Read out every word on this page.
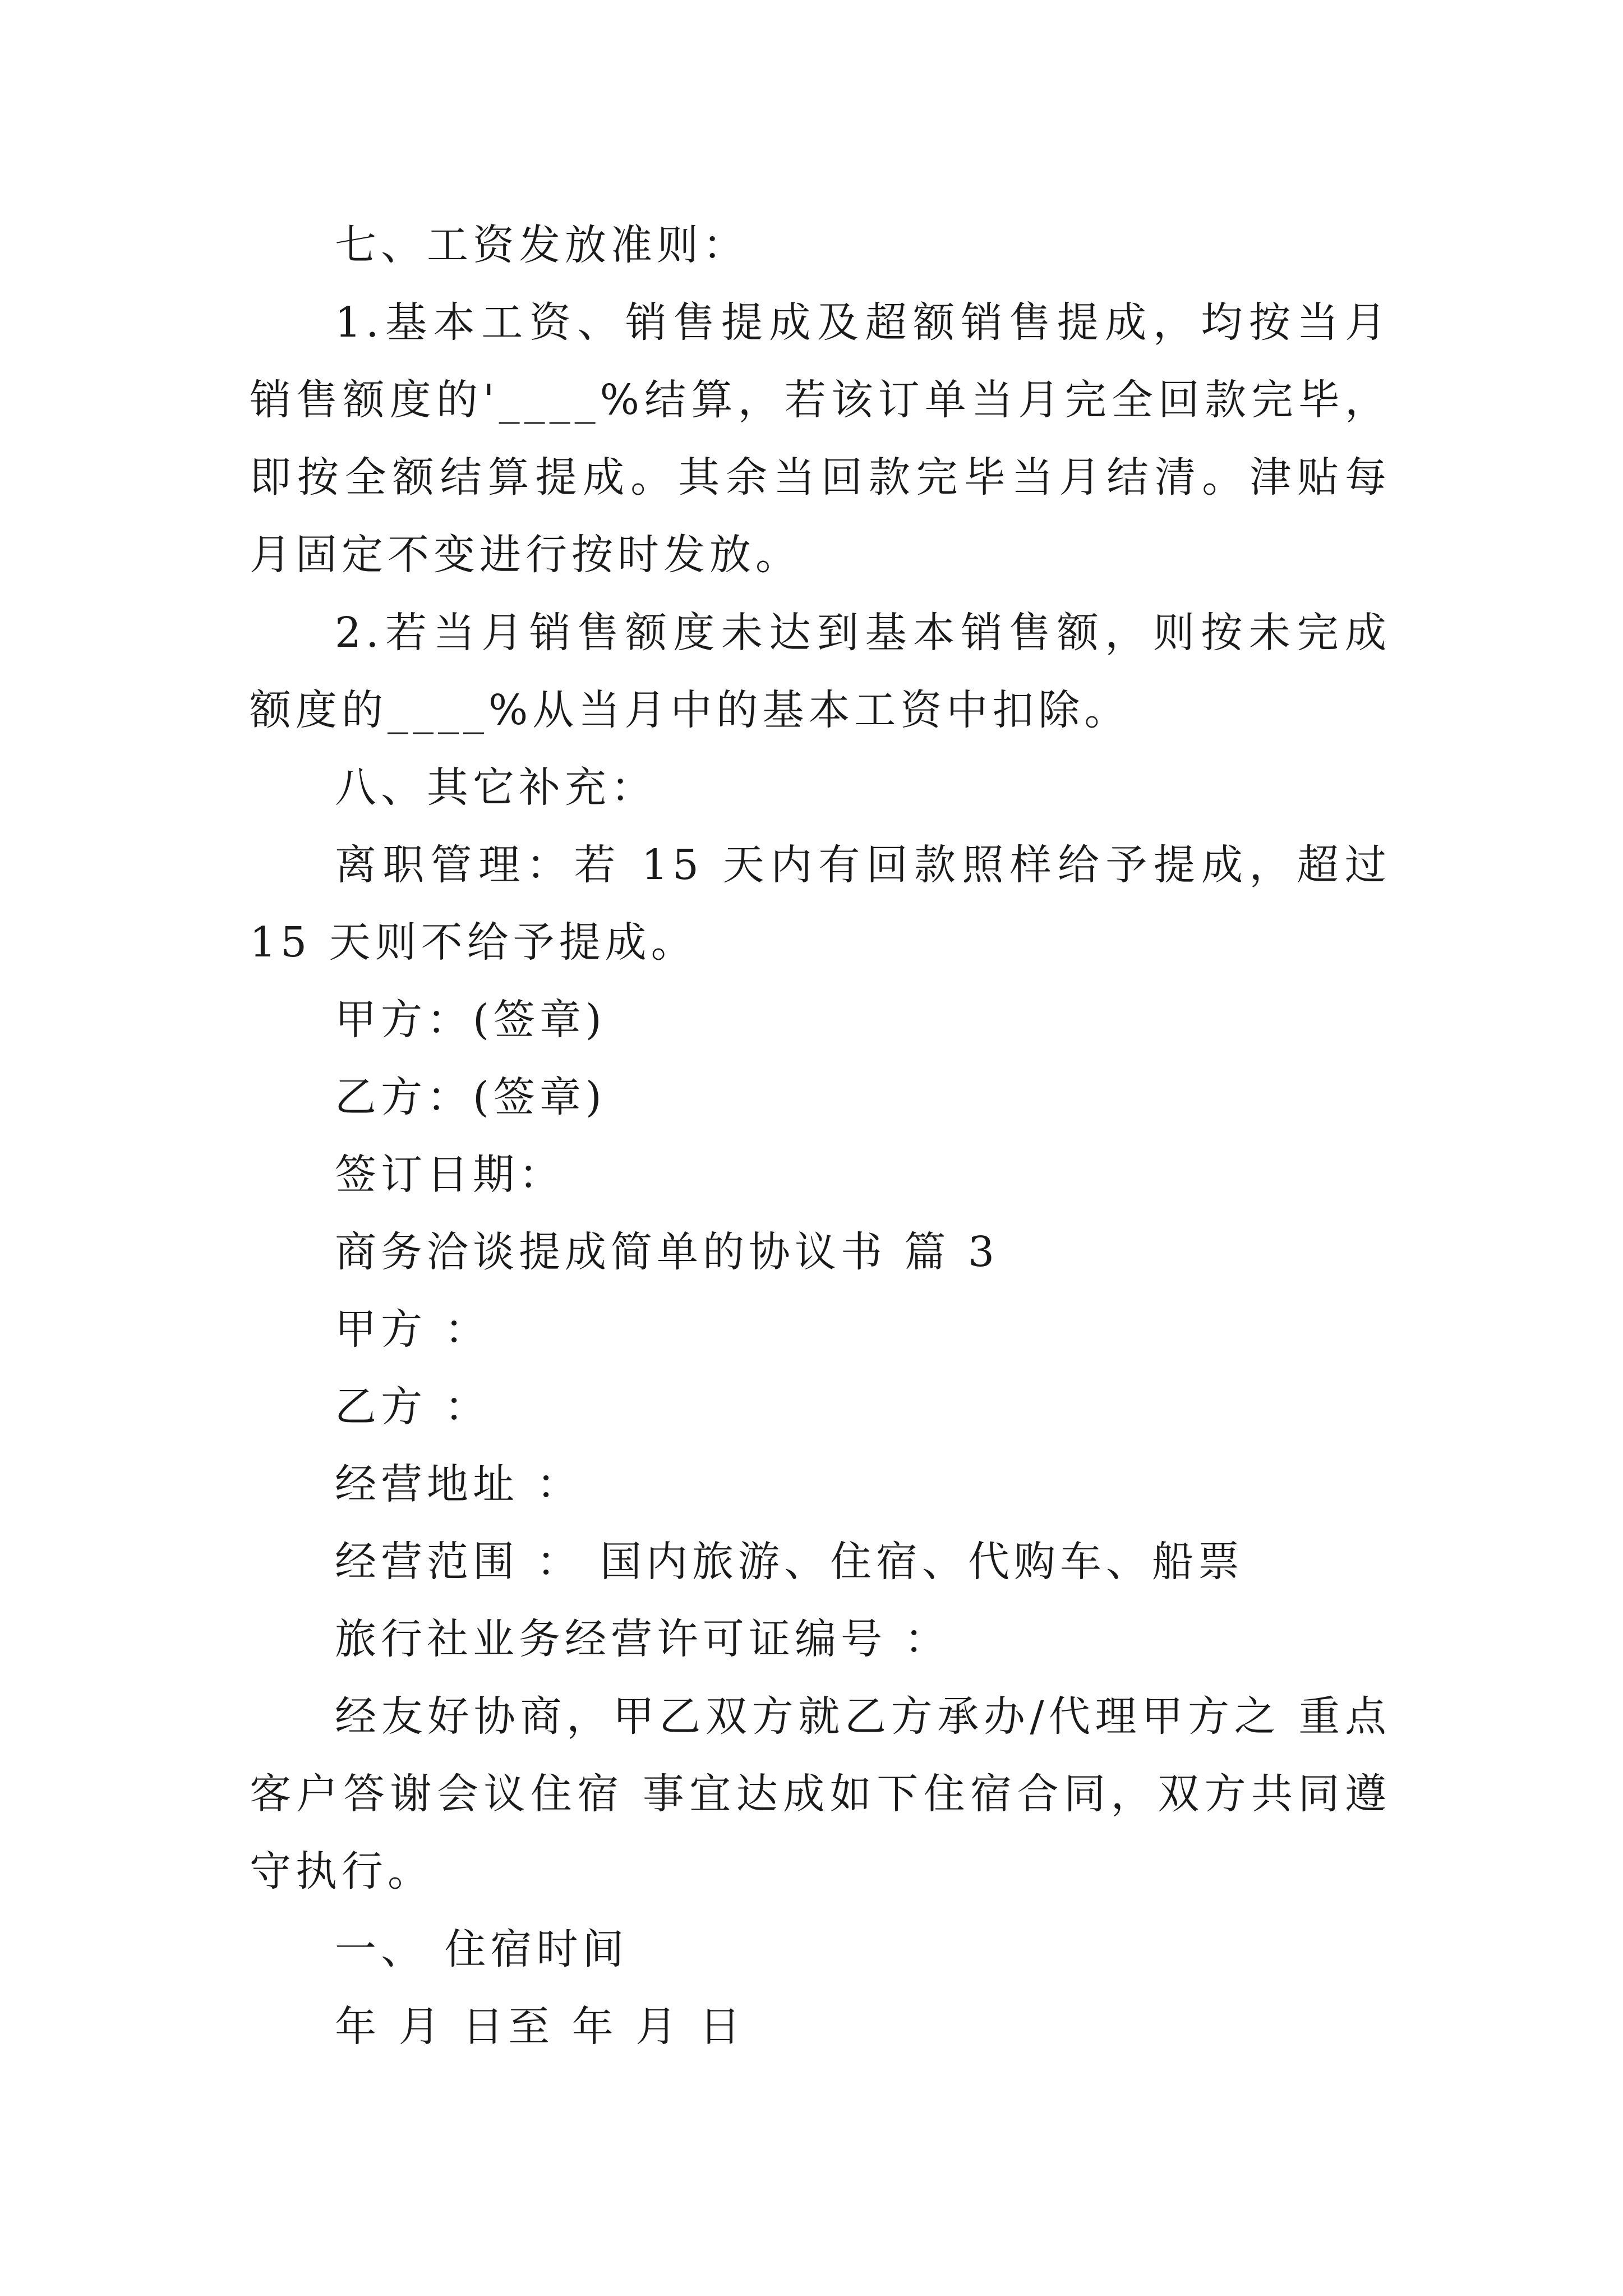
七、工资发放准则：

1.基本工资、销售提成及超额销售提成，均按当月销售额度的'____%结算，若该订单当月完全回款完毕，即按全额结算提成。其余当回款完毕当月结清。津贴每月固定不变进行按时发放。

2.若当月销售额度未达到基本销售额，则按未完成额度的____%从当月中的基本工资中扣除。

八、其它补充：

离职管理：若 15 天内有回款照样给予提成，超过 15 天则不给予提成。

甲方：(签章)

乙方：(签章)

签订日期：

商务洽谈提成简单的协议书 篇 3

甲方 ：

乙方 ：

经营地址 ：

经营范围 ： 国内旅游、住宿、代购车、船票

旅行社业务经营许可证编号 ：

经友好协商，甲乙双方就乙方承办/代理甲方之 重点客户答谢会议住宿 事宜达成如下住宿合同，双方共同遵守执行。

一、 住宿时间

年 月 日至 年 月 日
